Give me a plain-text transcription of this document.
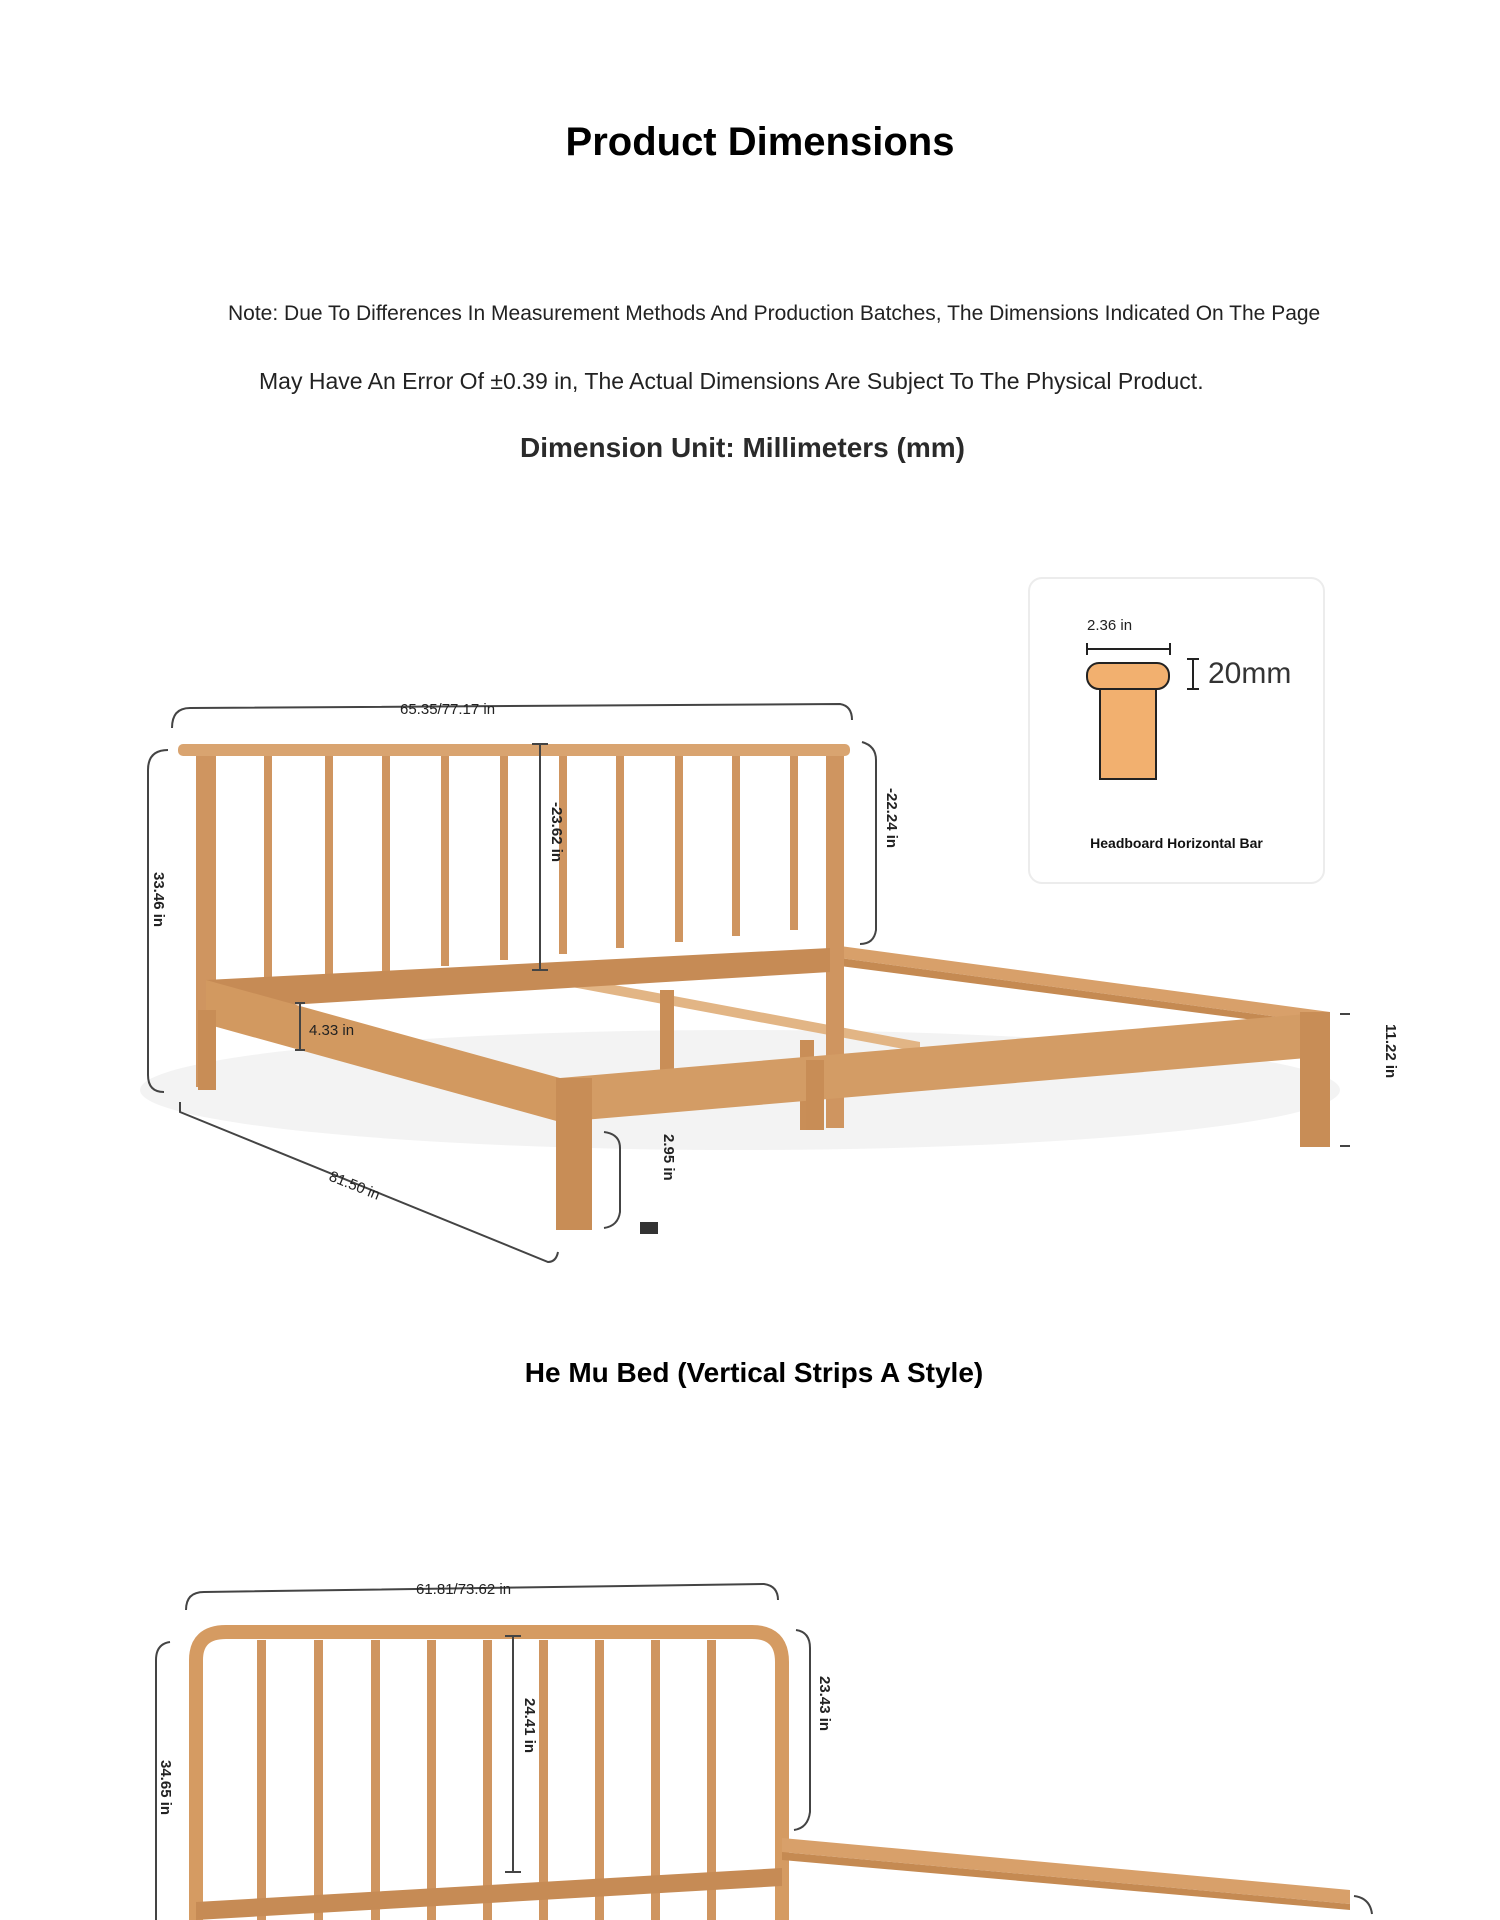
Product Dimensions
Note: Due To Differences In Measurement Methods And Production Batches, The Dimensions Indicated On The Page
May Have An Error Of ±0.39 in, The Actual Dimensions Are Subject To The Physical Product.
Dimension Unit: Millimeters (mm)
65.35/77.17 in
33.46 in
-23.62 in	-22.24 in
4.33 in
81.50 in
2.95 in
11.22 in
2.36 in
20mm
Headboard Horizontal Bar
He Mu Bed (Vertical Strips A Style)
61.81/73.62 in
34.65 in
24.41 in	23.43 in
